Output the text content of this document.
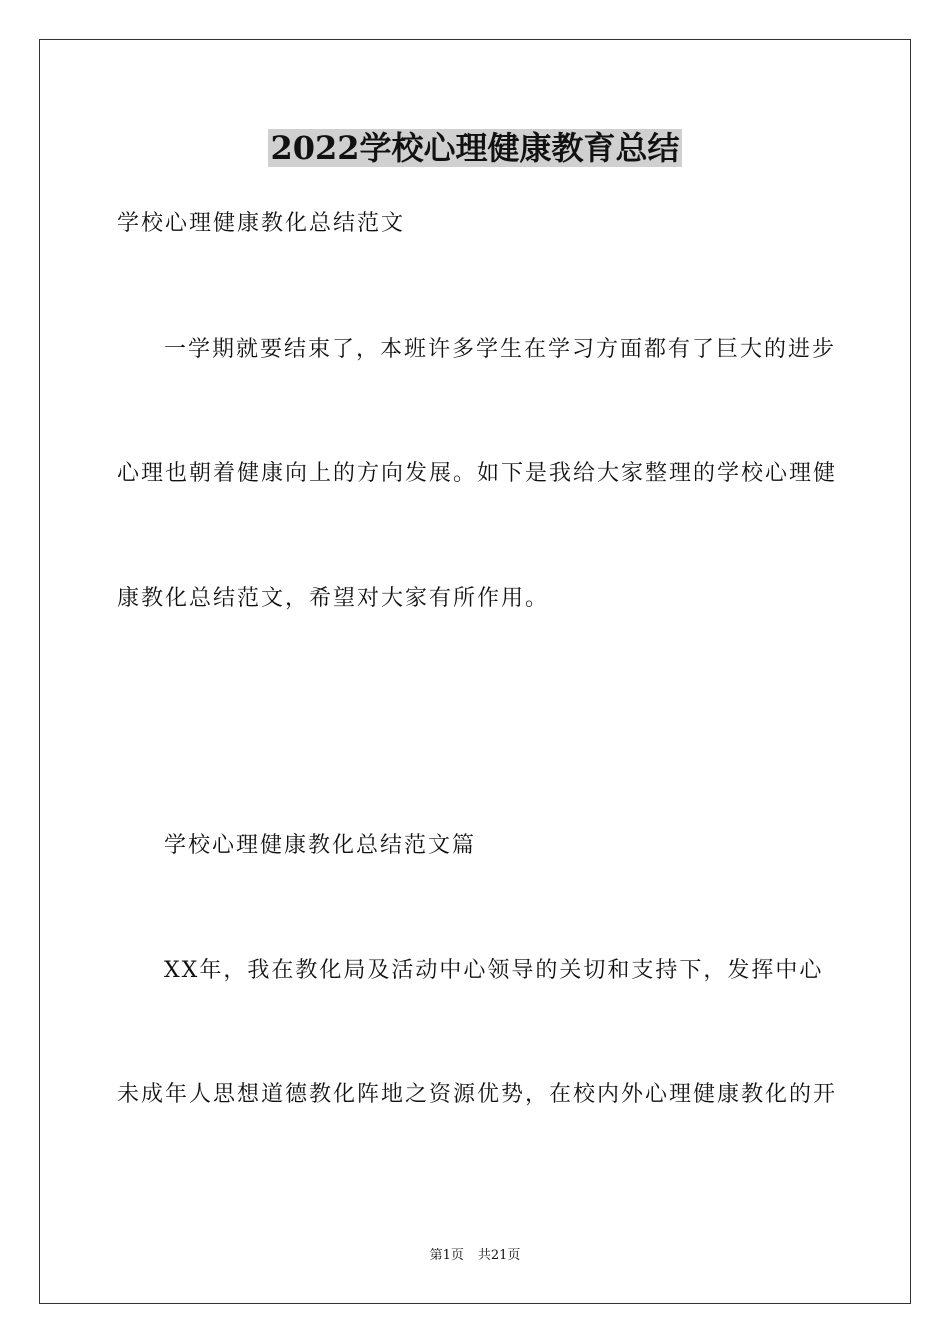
2022学校心理健康教育总结
学校心理健康教化总结范文
一学期就要结束了，本班许多学生在学习方面都有了巨大的进步
心理也朝着健康向上的方向发展。如下是我给大家整理的学校心理健
康教化总结范文，希望对大家有所作用。
学校心理健康教化总结范文篇
XX年，我在教化局及活动中心领导的关切和支持下，发挥中心
未成年人思想道德教化阵地之资源优势，在校内外心理健康教化的开
第1页 共21页
